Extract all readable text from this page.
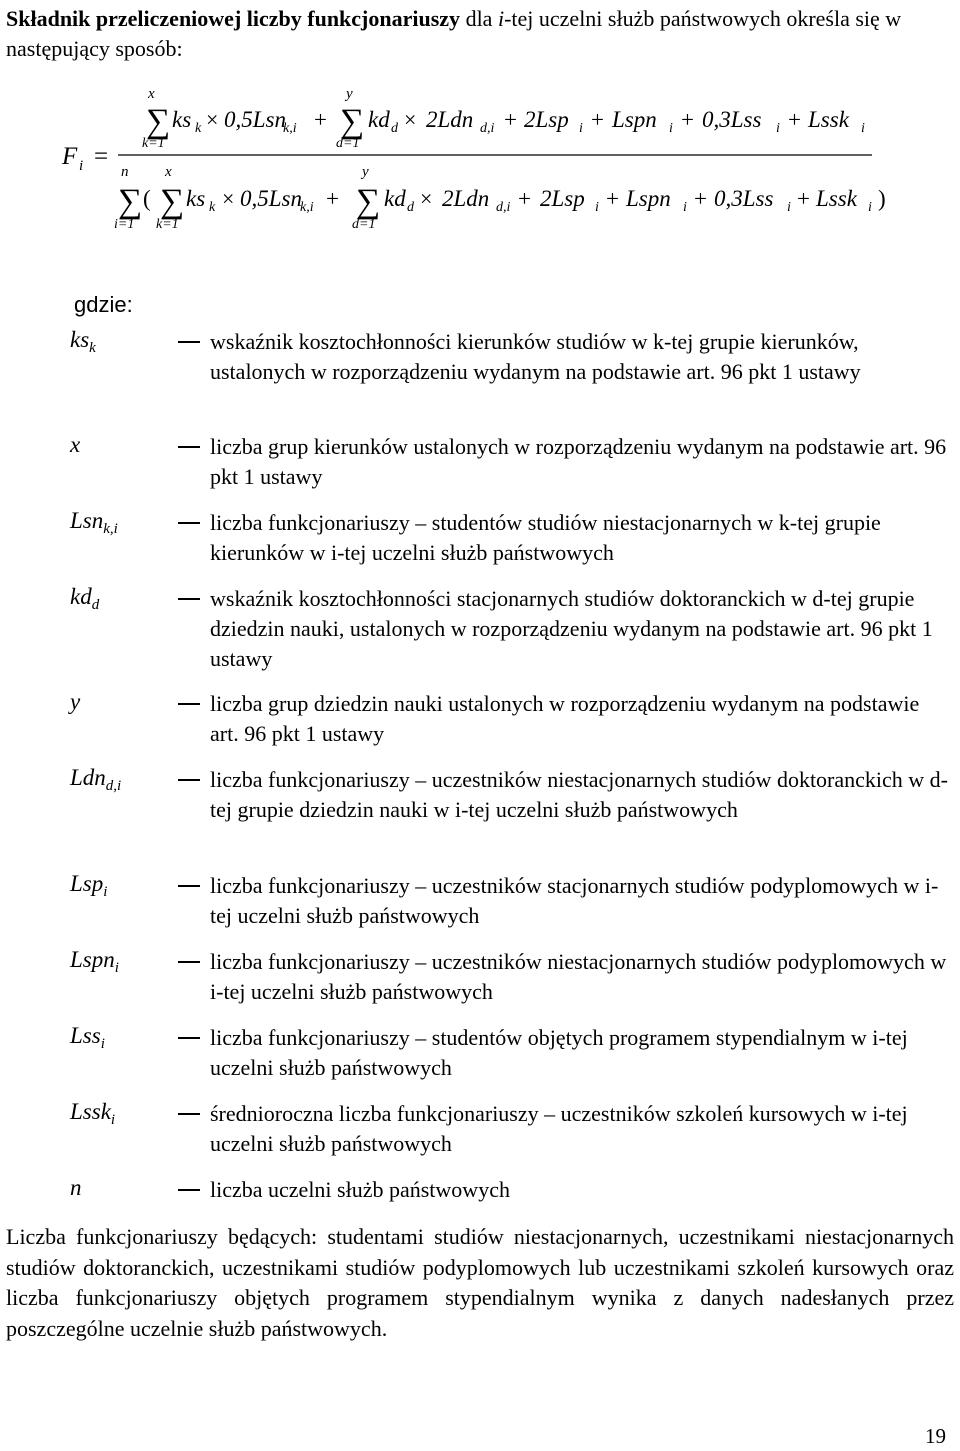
Składnik przeliczeniowej liczby funkcjonariuszy dla i-tej uczelni służb państwowych określa się w następujący sposób:
F i =
x
∑
k=1
ks k × 0,5Lsn
k,i +
y
∑
d=1
kd d × 2Ldn d,i + 2Lsp i + Lspn i + 0,3Lss i + Lssk i
n
∑
i=1
(
x
∑
k=1
ks k × 0,5Lsn
k,i +
y
∑
d=1
kd d × 2Ldn d,i + 2Lsp i + Lspn i + 0,3Lss i + Lssk i )
gdzie:
$ks_k$	wskaźnik kosztochłonności kierunków studiów w k-tej grupie kierunków, ustalonych w rozporządzeniu wydanym na podstawie art. 96 pkt 1 ustawy
x	liczba grup kierunków ustalonych w rozporządzeniu wydanym na podstawie art. 96 pkt 1 ustawy
Lsn$_{k,i}$	liczba funkcjonariuszy – studentów studiów niestacjonarnych w k-tej grupie kierunków w i-tej uczelni służb państwowych
$kd_d$	wskaźnik kosztochłonności stacjonarnych studiów doktoranckich w d-tej grupie dziedzin nauki, ustalonych w rozporządzeniu wydanym na podstawie art. 96 pkt 1 ustawy
y	liczba grup dziedzin nauki ustalonych w rozporządzeniu wydanym na podstawie art. 96 pkt 1 ustawy
Ldn$_{d,i}$	liczba funkcjonariuszy – uczestników niestacjonarnych studiów doktoranckich w d-tej grupie dziedzin nauki w i-tej uczelni służb państwowych
Lsp$_i$	liczba funkcjonariuszy – uczestników stacjonarnych studiów podyplomowych w i-tej uczelni służb państwowych
Lspn$_i$	liczba funkcjonariuszy – uczestników niestacjonarnych studiów podyplomowych w i-tej uczelni służb państwowych
Lss$_i$	liczba funkcjonariuszy – studentów objętych programem stypendialnym w i-tej uczelni służb państwowych
Lssk$_i$	średnioroczna liczba funkcjonariuszy – uczestników szkoleń kursowych w i-tej uczelni służb państwowych
n	liczba uczelni służb państwowych
Liczba funkcjonariuszy będących: studentami studiów niestacjonarnych, uczestnikami niestacjonarnych studiów doktoranckich, uczestnikami studiów podyplomowych lub uczestnikami szkoleń kursowych oraz liczba funkcjonariuszy objętych programem stypendialnym wynika z danych nadesłanych przez poszczególne uczelnie służb państwowych.
19
